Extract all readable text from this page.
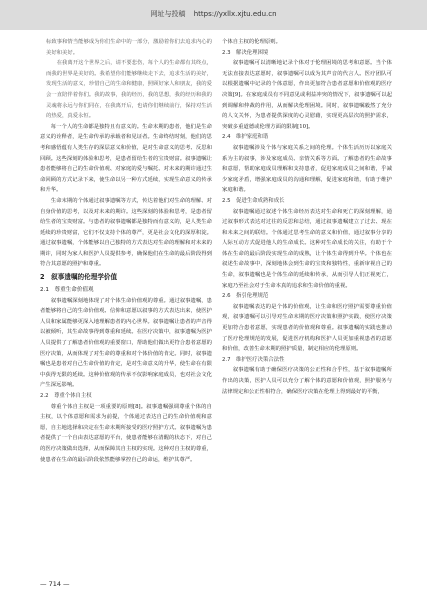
网址与投稿 https://yxllx.xjtu.edu.cn

标致事和情当能够成为你们生命中的一部分，激励着你们去追求内心的美好和美好。

在我离开这个世界之后，请不要悲伤，每个人的生命都有其终点，而我的世界是美好的。我希望你们能够继续走下去，追求生活的美好，发现生活的意义，珍惜自己的生命和健康，照顾好家人和朋友，我的爱会一直陪伴着你们。我的故事，我的经历，我的思想，我的经历和我的灵魂将永远与你们同在，在我离开后，也请你们继续前行，保持对生活的热爱，真爱永恒。

每一个人的生命都是独特且有意义的。生命末期的患者，他们是生命意义的诠释者，是生命传承的承载者和见证者。生命终结时刻，他们的思考和感悟蕴有人类生存的深层意义和价值，是对生命意义的思考、反思和回顾。这些深刻的体验和思考，是患者留给生者的宝贵财富。叙事遗嘱让患者能够将自己的生命价值观、对家庭的爱与嘱托、对未来的期许通过生命回顾的方式记录下来，使生命以另一种方式延续，实现生命意义的传承和升华。

生命末期的个体通过叙事遗嘱等方式，传达着他们对生命的理解、对自身价值的思考，以及对未来的期许。这些深刻的体验和思考，是患者留给生者的宝贵财富。与患者的叙事遗嘱都是独特而有意义的，是人类生命延续的珍贵财富，它们不仅支持个体的尊严，更是社会文化的深厚积淀。通过叙事遗嘱，个体能够以自己独特的方式表达对生命的理解和对未来的期许，同时为家人和医护人员提供参考，确保他们在生命的最后阶段得到符合其意愿的照护和尊重。

2　叙事遗嘱的伦理学价值
2.1　尊重生命价值观

叙事遗嘱深刻地体现了对个体生命价值观的尊重。通过叙事遗嘱，患者能够将自己的生命价值观、信仰和意愿以叙事的方式表达出来，使医护人员和家属能够更深入地理解患者的内心世界。叙事遗嘱让患者的声音得以被倾听，其生命故事得到尊重和延续。在医疗决策中，叙事遗嘱为医护人员提供了了解患者价值观的重要窗口，帮助他们做出更符合患者意愿的医疗决策，从而体现了对生命的尊重和对个体价值的肯定。同时，叙事遗嘱也是患者对自己生命价值的肯定，是对生命意义的升华，使生命在有限中获得无限的延续。这种价值观的传承不仅影响家庭成员，也对社会文化产生深远影响。

2.2　尊重个体自主权

尊重个体自主权是一项重要的原则[8]。叙事遗嘱强调尊重个体的自主权，以个体意愿和需求为前提，个体通过表达自己的生命价值观和意愿，自主地选择和决定在生命末期所接受的医疗照护方式。叙事遗嘱为患者提供了一个自由表达意愿的平台，使患者能够在清醒的状态下，对自己的医疗决策做出选择，从而保障其自主权的实现。这种对自主权的尊重，使患者在生命的最后阶段依然能够掌控自己的命运，维护其尊严。

个体自主权的伦理原则。

2.3　解决伦理困境

叙事遗嘱可以清晰地记录个体对于伦理困境的思考和意愿。当个体无法直接表达意愿时，叙事遗嘱可以成为其声音的代言人。医疗团队可以根据遗嘱中记录的个体意愿，作出更加符合患者意愿和价值观的医疗决策[9]。在家庭成员有不同意见或利益冲突的情况下，叙事遗嘱可以起到调解和仲裁的作用，从而解决伦理困境。同时，叙事遗嘱毅然了充分的人文关怀，为患者提供深度的心灵慰藉，实现更高层次的照护需求，突破多重道德或伦理方面的限制[10]。

2.4　维护家庭和谐

叙事遗嘱涉及个体与家庭关系之间的伦理。个体生活历历以家庭关系为主的叙事，涉及家庭成员、亲情关系等方面。了解患者的生命故事和意愿，帮助家庭成员理解和支持患者，促进家庭成员之间和谐，乎减少家庭矛盾，增强家庭成员的沟通和理解，促进家庭和谐，有助于维护家庭和谐。

2.5　促进生命成熟和成长

叙事遗嘱通过叙述个体生命经历表达对生命和死亡的深刻理解，通过叙事形式表达对过往的反思和总结，通过叙事遗嘱建立了过去、现在和未来之间的联结。个体通过思考生命的意义和价值，通过叙事分享的人际互动方式促进他人的生命成长。这种对生命成长的关注，有助于个体在生命的最后阶段实现生命的成熟，让个体生命得到升华。个体也在叙述生命故事中，深刻地体会到生命的宝贵和独特性，重新审视自己的生命，叙事遗嘱也是个体生命的延续和传承，从而引导人们正视死亡，家庭乃至社会对于生命本真的追求和生命价值的重视。

2.6　指引伦理规范

叙事遗嘱表达的是个体的价值观，让生命和医疗照护需要尊重价值观，叙事遗嘱可以引导对生命末期的医疗决策和照护实践，使医疗决策更加符合患者意愿，实现患者的价值观和尊重。叙事遗嘱的实践也推动了医疗伦理规范的发展，促进医疗机构和医护人员更加重视患者的意愿和价值，改善生命末期的照护质量，制定相应的伦理原则。

2.7　维护医疗决策合法性

叙事遗嘱有助于确保医疗决策的公正性和合乎性，基于叙事遗嘱所作出的决策，医护人员可以充分了解个体的意愿和价值观，照护服务与法律规定和公正性相符合，确保医疗决策在伦理上得到最好的平衡，

— 714 —
